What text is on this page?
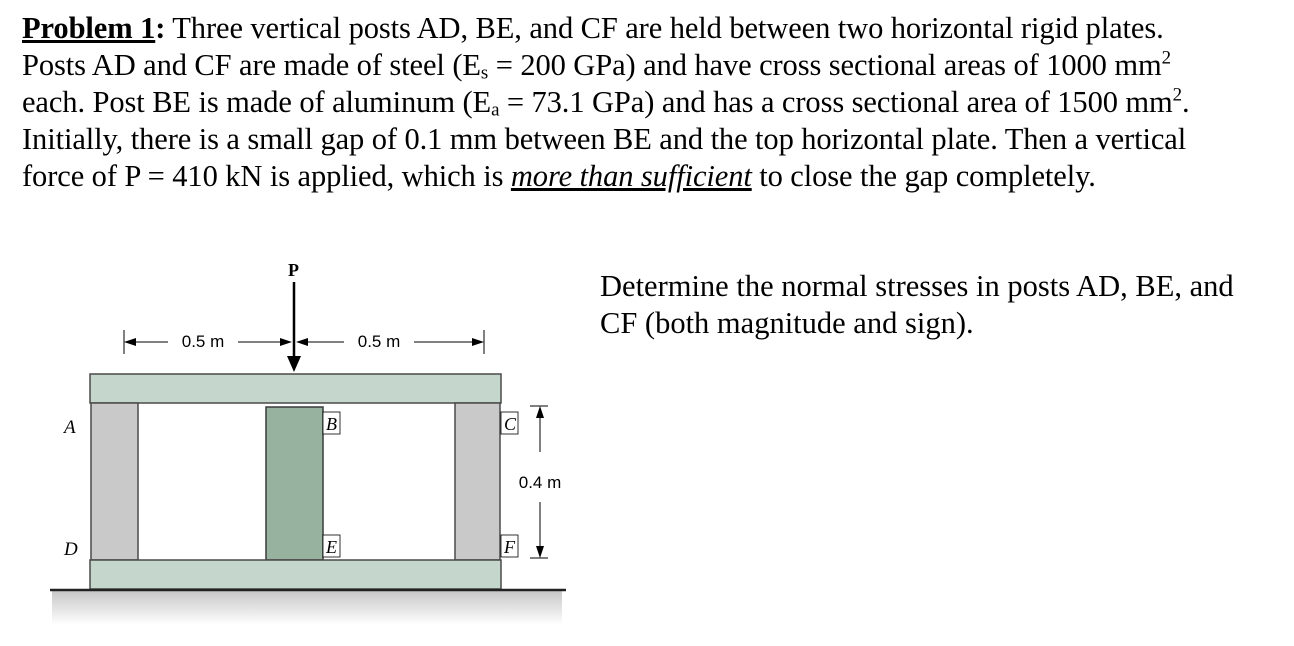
Problem 1: Three vertical posts AD, BE, and CF are held between two horizontal rigid plates.
Posts AD and CF are made of steel ($E_s = 200$ GPa) and have cross sectional areas of 1000 $mm^2$
each. Post BE is made of aluminum ($E_a = 73.1$ GPa) and has a cross sectional area of 1500 $mm^2$.
Initially, there is a small gap of 0.1 mm between BE and the top horizontal plate. Then a vertical
force of P = 410 kN is applied, which is more than sufficient to close the gap completely.
Determine the normal stresses in posts AD, BE, and
CF (both magnitude and sign).
P
0.5 m	0.5 m
A
D
B
E
C
F
0.4 m
